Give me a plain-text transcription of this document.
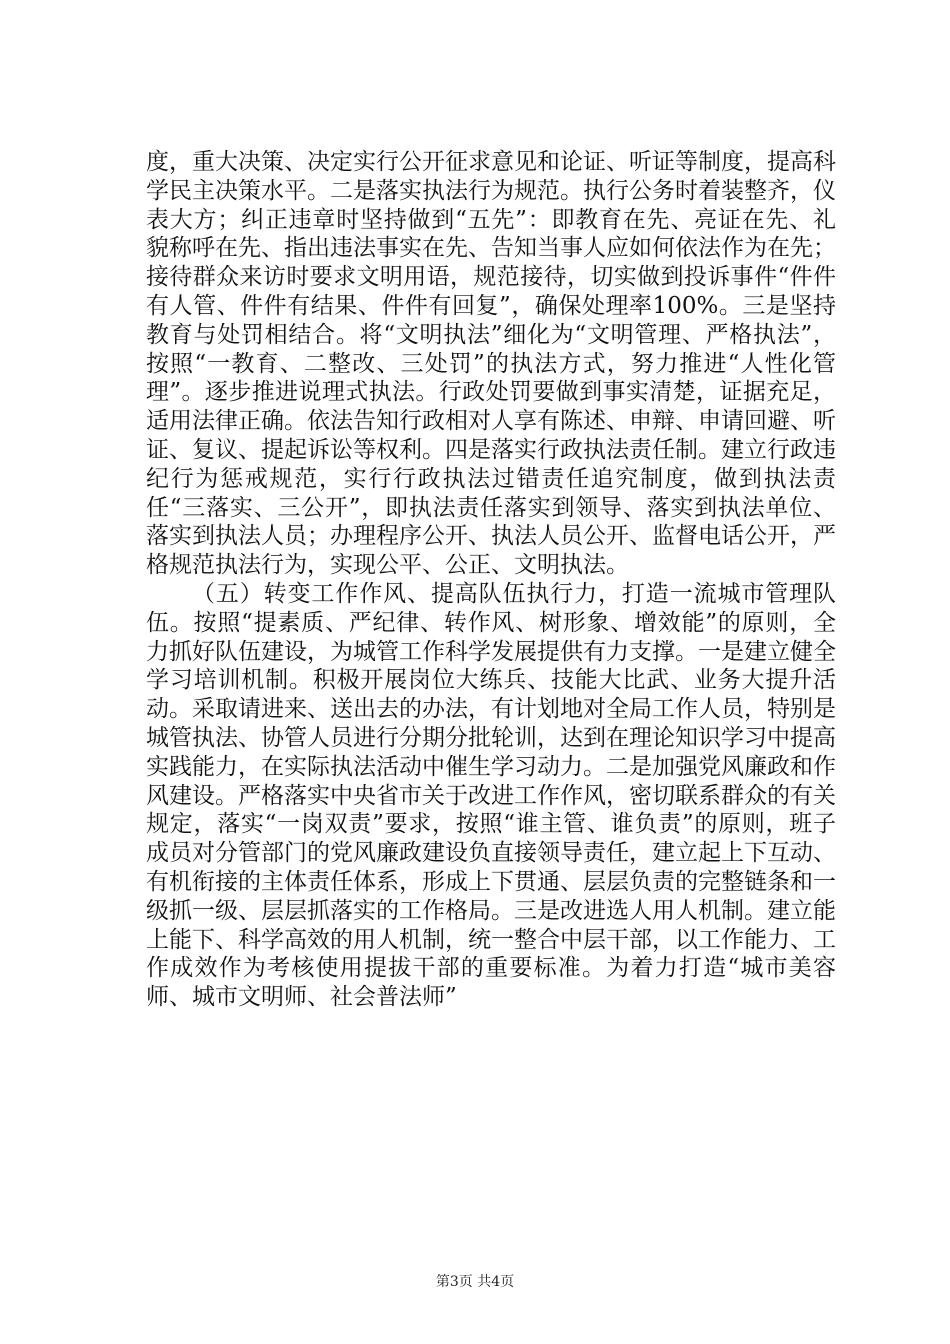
度，重大决策、决定实行公开征求意见和论证、听证等制度，提高科学民主决策水平。二是落实执法行为规范。执行公务时着装整齐，仪表大方；纠正违章时坚持做到“五先”：即教育在先、亮证在先、礼貌称呼在先、指出违法事实在先、告知当事人应如何依法作为在先；接待群众来访时要求文明用语，规范接待，切实做到投诉事件“件件有人管、件件有结果、件件有回复”，确保处理率100%。三是坚持教育与处罚相结合。将“文明执法”细化为“文明管理、严格执法”，按照“一教育、二整改、三处罚”的执法方式，努力推进“人性化管理”。逐步推进说理式执法。行政处罚要做到事实清楚，证据充足，适用法律正确。依法告知行政相对人享有陈述、申辩、申请回避、听证、复议、提起诉讼等权利。四是落实行政执法责任制。建立行政违纪行为惩戒规范，实行行政执法过错责任追究制度，做到执法责任“三落实、三公开”，即执法责任落实到领导、落实到执法单位、落实到执法人员；办理程序公开、执法人员公开、监督电话公开，严格规范执法行为，实现公平、公正、文明执法。

（五）转变工作作风、提高队伍执行力，打造一流城市管理队伍。按照“提素质、严纪律、转作风、树形象、增效能”的原则，全力抓好队伍建设，为城管工作科学发展提供有力支撑。一是建立健全学习培训机制。积极开展岗位大练兵、技能大比武、业务大提升活动。采取请进来、送出去的办法，有计划地对全局工作人员，特别是城管执法、协管人员进行分期分批轮训，达到在理论知识学习中提高实践能力，在实际执法活动中催生学习动力。二是加强党风廉政和作风建设。严格落实中央省市关于改进工作作风，密切联系群众的有关规定，落实“一岗双责”要求，按照“谁主管、谁负责”的原则，班子成员对分管部门的党风廉政建设负直接领导责任，建立起上下互动、有机衔接的主体责任体系，形成上下贯通、层层负责的完整链条和一级抓一级、层层抓落实的工作格局。三是改进选人用人机制。建立能上能下、科学高效的用人机制，统一整合中层干部，以工作能力、工作成效作为考核使用提拔干部的重要标准。为着力打造“城市美容师、城市文明师、社会普法师”

第3页 共4页
